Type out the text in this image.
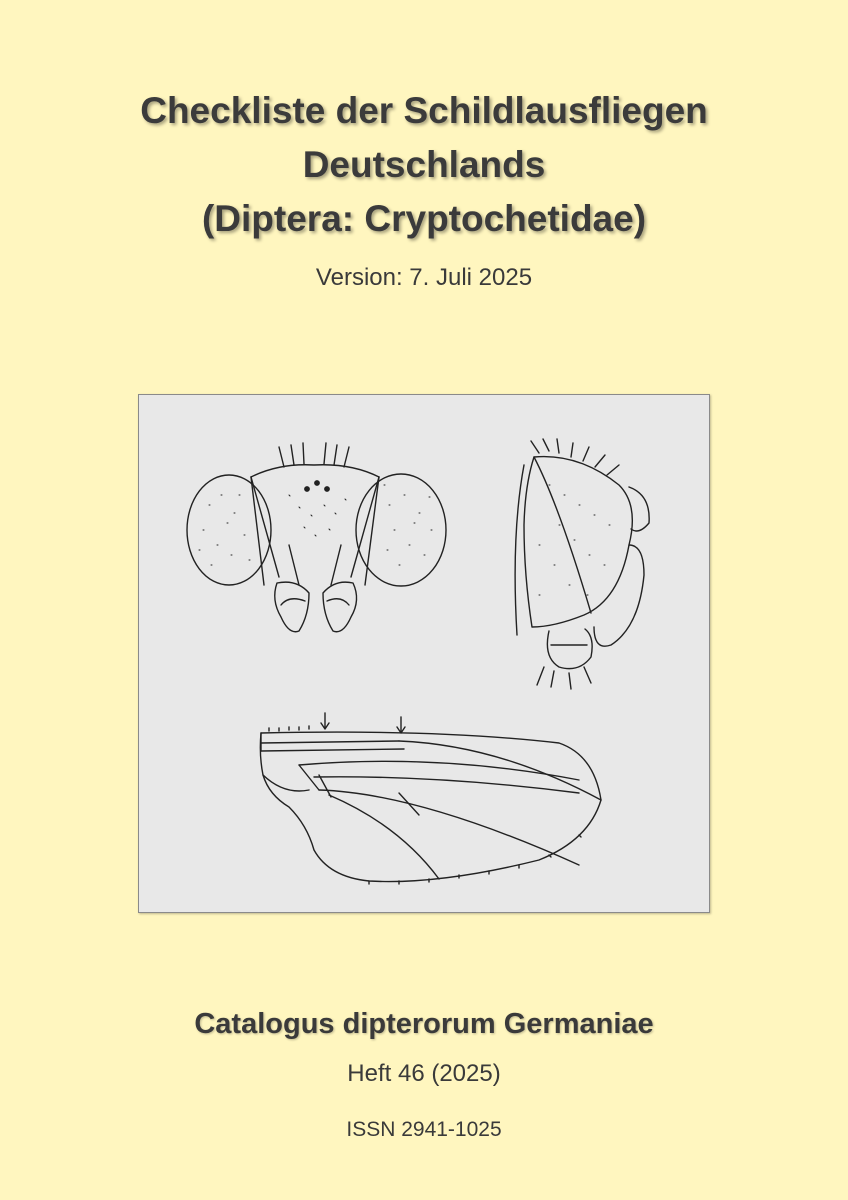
Checkliste der Schildlausfliegen
Deutschlands
(Diptera: Cryptochetidae)
Version: 7. Juli 2025
Catalogus dipterorum Germaniae
Heft 46 (2025)
ISSN 2941-1025
